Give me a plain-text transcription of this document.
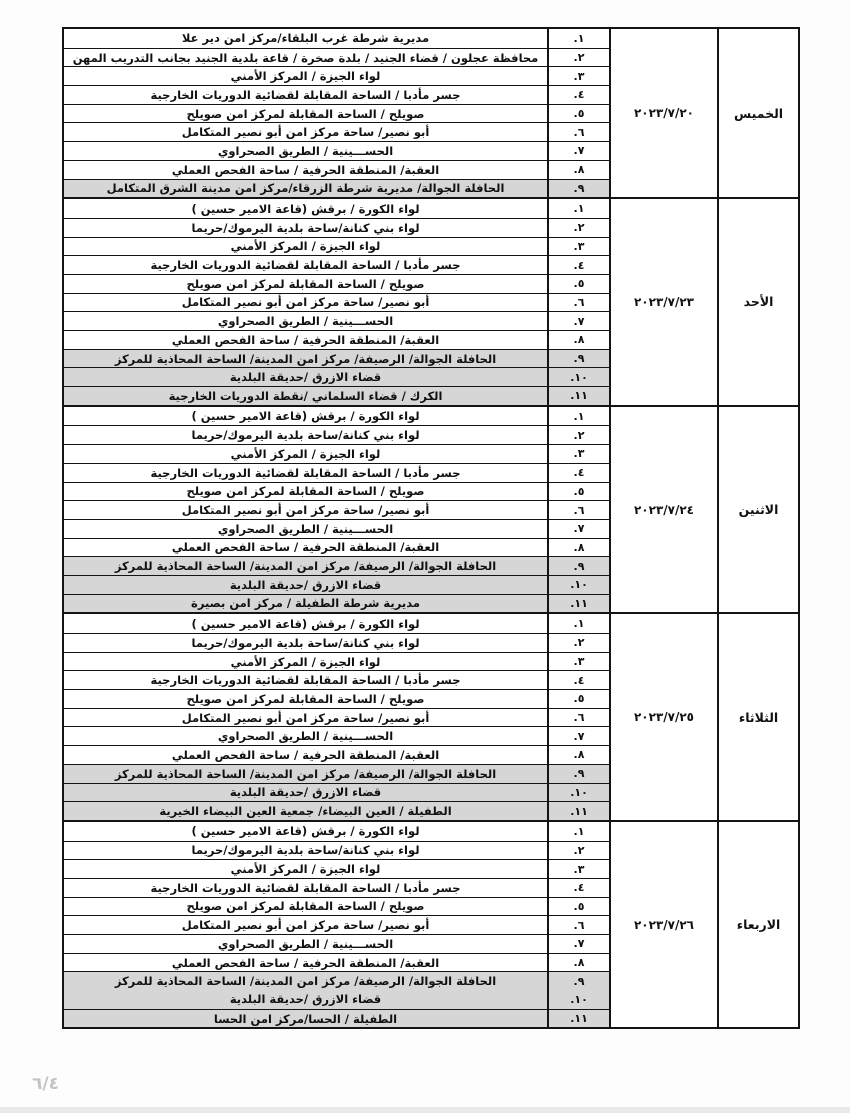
الخميس
٢٠٢٣/٧/٢٠
.١
مديرية شرطة غرب البلقاء/مركز امن دير علا
.٢
محافظة عجلون / قضاء الجنيد / بلدة صخرة / قاعة بلدية الجنيد بجانب التدريب المهن
.٣
لواء الجيزة / المركز الأمني
.٤
جسر مأدبا / الساحة المقابلة لقضائية الدوريات الخارجية
.٥
صويلح / الساحة المقابلة لمركز امن صويلح
.٦
أبو نصير/ ساحة مركز امن أبو نصير المتكامل
.٧
الحســـينية / الطريق الصحراوي
.٨
العقبة/ المنطقة الحرفية / ساحة الفحص العملي
.٩
الحافلة الجوالة/ مديرية شرطة الزرقاء/مركز امن مدينة الشرق المتكامل
الأحد
٢٠٢٣/٧/٢٣
.١
لواء الكورة / برقش (قاعة الامير حسين )
.٢
لواء بني كنانة/ساحة بلدية اليرموك/حريما
.٣
لواء الجيزة / المركز الأمني
.٤
جسر مأدبا / الساحة المقابلة لقضائية الدوريات الخارجية
.٥
صويلح / الساحة المقابلة لمركز امن صويلح
.٦
أبو نصير/ ساحة مركز امن أبو نصير المتكامل
.٧
الحســـينية / الطريق الصحراوي
.٨
العقبة/ المنطقة الحرفية / ساحة الفحص العملي
.٩
الحافلة الجوالة/ الرصيفة/ مركز امن المدينة/ الساحة المحاذية للمركز
.١٠
قضاء الازرق /حديقة البلدية
.١١
الكرك / قضاء السلماني /نقطة الدوريات الخارجية
الاثنين
٢٠٢٣/٧/٢٤
.١
لواء الكورة / برقش (قاعة الامير حسين )
.٢
لواء بني كنانة/ساحة بلدية اليرموك/حريما
.٣
لواء الجيزة / المركز الأمني
.٤
جسر مأدبا / الساحة المقابلة لقضائية الدوريات الخارجية
.٥
صويلح / الساحة المقابلة لمركز امن صويلح
.٦
أبو نصير/ ساحة مركز امن أبو نصير المتكامل
.٧
الحســـينية / الطريق الصحراوي
.٨
العقبة/ المنطقة الحرفية / ساحة الفحص العملي
.٩
الحافلة الجوالة/ الرصيفة/ مركز امن المدينة/ الساحة المحاذية للمركز
.١٠
قضاء الازرق /حديقة البلدية
.١١
مديرية شرطة الطفيلة / مركز امن بصيرة
الثلاثاء
٢٠٢٣/٧/٢٥
.١
لواء الكورة / برقش (قاعة الامير حسين )
.٢
لواء بني كنانة/ساحة بلدية اليرموك/حريما
.٣
لواء الجيزة / المركز الأمني
.٤
جسر مأدبا / الساحة المقابلة لقضائية الدوريات الخارجية
.٥
صويلح / الساحة المقابلة لمركز امن صويلح
.٦
أبو نصير/ ساحة مركز امن أبو نصير المتكامل
.٧
الحســـينية / الطريق الصحراوي
.٨
العقبة/ المنطقة الحرفية / ساحة الفحص العملي
.٩
الحافلة الجوالة/ الرصيفة/ مركز امن المدينة/ الساحة المحاذية للمركز
.١٠
قضاء الازرق /حديقة البلدية
.١١
الطفيلة / العين البيضاء/ جمعية العين البيضاء الخيرية
الاربعاء
٢٠٢٣/٧/٢٦
.١
لواء الكورة / برقش (قاعة الامير حسين )
.٢
لواء بني كنانة/ساحة بلدية اليرموك/حريما
.٣
لواء الجيزة / المركز الأمني
.٤
جسر مأدبا / الساحة المقابلة لقضائية الدوريات الخارجية
.٥
صويلح / الساحة المقابلة لمركز امن صويلح
.٦
أبو نصير/ ساحة مركز امن أبو نصير المتكامل
.٧
الحســـينية / الطريق الصحراوي
.٨
العقبة/ المنطقة الحرفية / ساحة الفحص العملي
.٩
الحافلة الجوالة/ الرصيفة/ مركز امن المدينة/ الساحة المحاذية للمركز
.١٠
قضاء الازرق /حديقة البلدية
.١١
الطفيلة / الحسا/مركز امن الحسا
٦/٤
